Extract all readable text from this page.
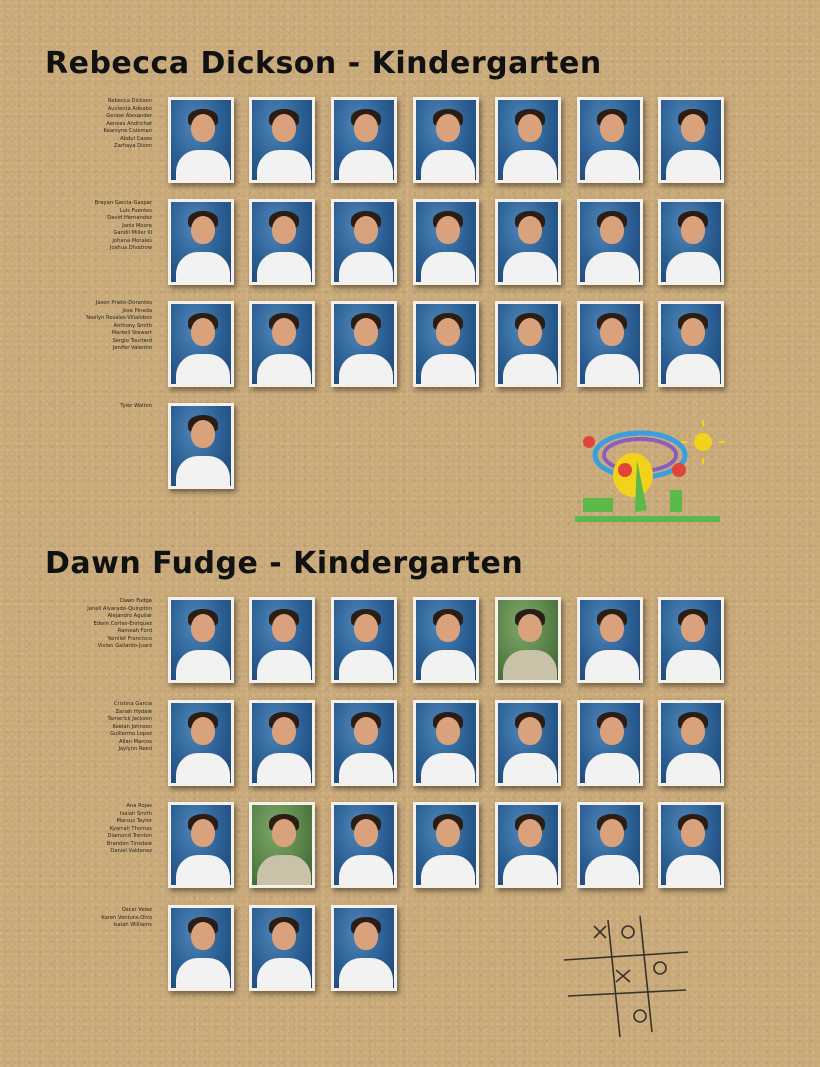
Rebecca Dickson - Kindergarten
Rebecca Dickson
Auvienta Adeabo
Genise Alexander
Aeneas Andrichat
Kearsyne Coleman
Abdul Cases
Zarhaya Dixon
Brayan Garcia-Gaspar
Luis Fuentes
David Hernandez
Janis Moore
Gandil Miller III
Johana Morales
Joshua Dhodrow
Jason Prieto-Dorantes
Jose Pineda
Neelyn Rosales-Villalobos
Anthony Smith
Markell Stewart
Sergio Tourtard
Jenifer Valentin
Tyler Walton
Dawn Fudge - Kindergarten
Dawn Fudge
Janell Alvarado-Quinpton
Alejandro Aguilar
Edwin Cortes-Enriquez
Rameah Ford
Yamilet Francisco
Vivian Gallardo-Juarz
Cristina Garcia
Zariah Hydale
Tamerick Jackson
Keelah Johnson
Guillermo Lopez
Allan Marcos
Jaylynn Reed
Ana Rojas
Isaiah Smith
Marcus Taylor
Kyerrah Thomas
Diamond Trenton
Brandon Tinsdale
Daniel Valdenez
Oscar Velez
Karen Ventura-Olvo
Isaiah Williams
